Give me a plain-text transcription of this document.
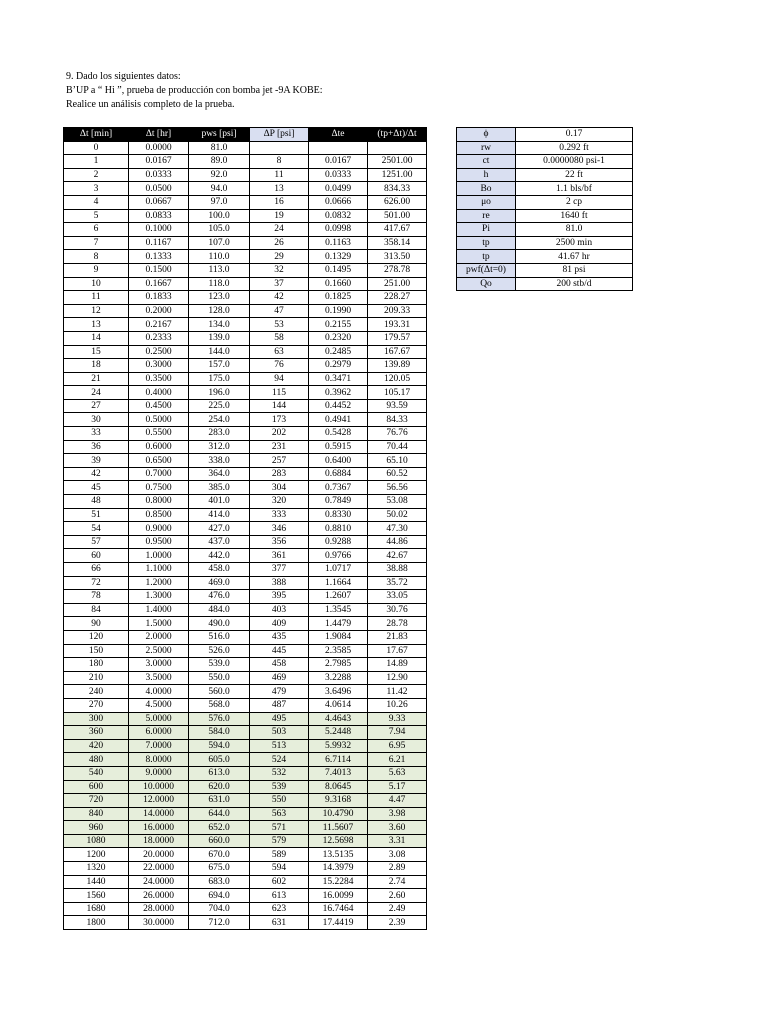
9. Dado los siguientes datos:
B’UP a “ Hi ”, prueba de producción con bomba jet -9A KOBE:
Realice un análisis completo de la prueba.
Δt [min]	Δt [hr]	pws [psi]	ΔP [psi]	Δte	(tp+Δt)/Δt
0	0.0000	81.0			
1	0.0167	89.0	8	0.0167	2501.00
2	0.0333	92.0	11	0.0333	1251.00
3	0.0500	94.0	13	0.0499	834.33
4	0.0667	97.0	16	0.0666	626.00
5	0.0833	100.0	19	0.0832	501.00
6	0.1000	105.0	24	0.0998	417.67
7	0.1167	107.0	26	0.1163	358.14
8	0.1333	110.0	29	0.1329	313.50
9	0.1500	113.0	32	0.1495	278.78
10	0.1667	118.0	37	0.1660	251.00
11	0.1833	123.0	42	0.1825	228.27
12	0.2000	128.0	47	0.1990	209.33
13	0.2167	134.0	53	0.2155	193.31
14	0.2333	139.0	58	0.2320	179.57
15	0.2500	144.0	63	0.2485	167.67
18	0.3000	157.0	76	0.2979	139.89
21	0.3500	175.0	94	0.3471	120.05
24	0.4000	196.0	115	0.3962	105.17
27	0.4500	225.0	144	0.4452	93.59
30	0.5000	254.0	173	0.4941	84.33
33	0.5500	283.0	202	0.5428	76.76
36	0.6000	312.0	231	0.5915	70.44
39	0.6500	338.0	257	0.6400	65.10
42	0.7000	364.0	283	0.6884	60.52
45	0.7500	385.0	304	0.7367	56.56
48	0.8000	401.0	320	0.7849	53.08
51	0.8500	414.0	333	0.8330	50.02
54	0.9000	427.0	346	0.8810	47.30
57	0.9500	437.0	356	0.9288	44.86
60	1.0000	442.0	361	0.9766	42.67
66	1.1000	458.0	377	1.0717	38.88
72	1.2000	469.0	388	1.1664	35.72
78	1.3000	476.0	395	1.2607	33.05
84	1.4000	484.0	403	1.3545	30.76
90	1.5000	490.0	409	1.4479	28.78
120	2.0000	516.0	435	1.9084	21.83
150	2.5000	526.0	445	2.3585	17.67
180	3.0000	539.0	458	2.7985	14.89
210	3.5000	550.0	469	3.2288	12.90
240	4.0000	560.0	479	3.6496	11.42
270	4.5000	568.0	487	4.0614	10.26
300	5.0000	576.0	495	4.4643	9.33
360	6.0000	584.0	503	5.2448	7.94
420	7.0000	594.0	513	5.9932	6.95
480	8.0000	605.0	524	6.7114	6.21
540	9.0000	613.0	532	7.4013	5.63
600	10.0000	620.0	539	8.0645	5.17
720	12.0000	631.0	550	9.3168	4.47
840	14.0000	644.0	563	10.4790	3.98
960	16.0000	652.0	571	11.5607	3.60
1080	18.0000	660.0	579	12.5698	3.31
1200	20.0000	670.0	589	13.5135	3.08
1320	22.0000	675.0	594	14.3979	2.89
1440	24.0000	683.0	602	15.2284	2.74
1560	26.0000	694.0	613	16.0099	2.60
1680	28.0000	704.0	623	16.7464	2.49
1800	30.0000	712.0	631	17.4419	2.39
ϕ	0.17
rw	0.292 ft
ct	0.0000080 psi-1
h	22 ft
Bo	1.1 bls/bf
μo	2 cp
re	1640 ft
Pi	81.0
tp	2500 min
tp	41.67 hr
pwf(Δt=0)	81 psi
Qo	200 stb/d
